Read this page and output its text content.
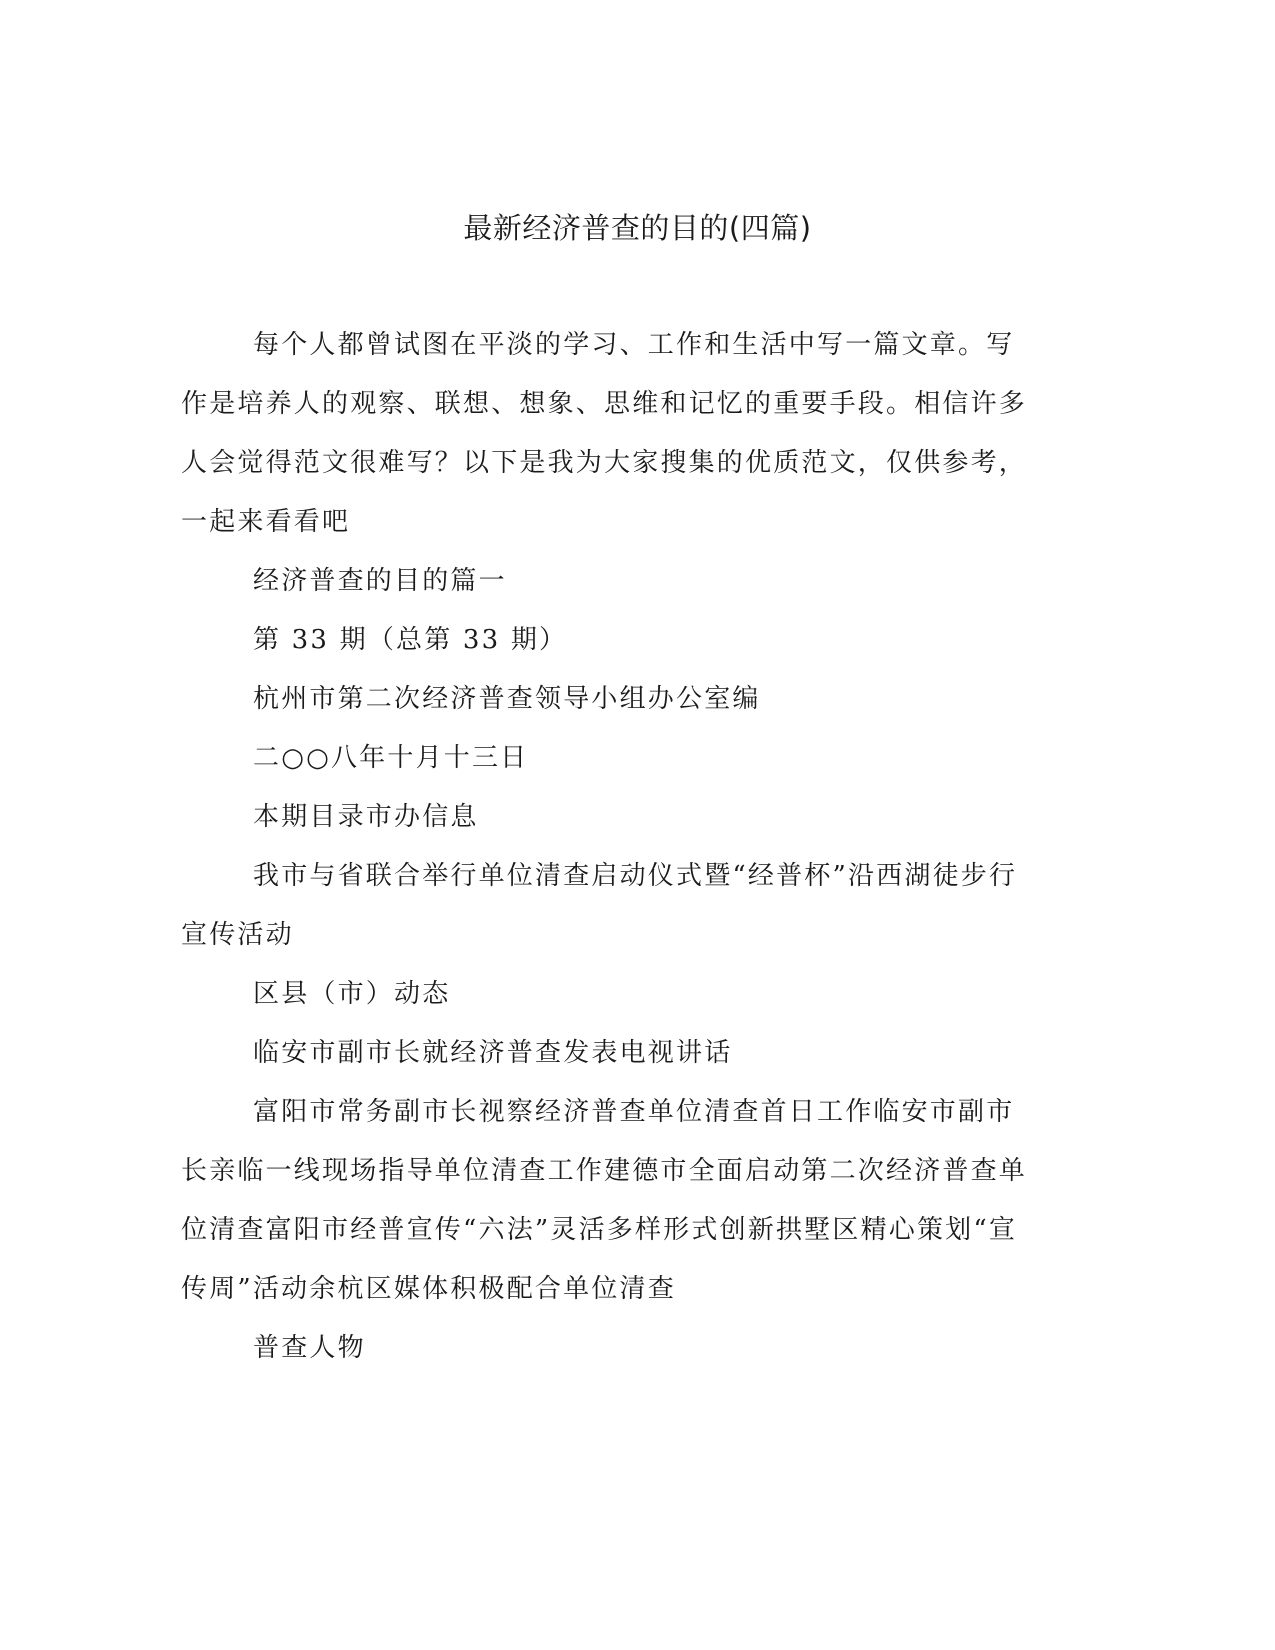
最新经济普查的目的(四篇)

每个人都曾试图在平淡的学习、工作和生活中写一篇文章。写作是培养人的观察、联想、想象、思维和记忆的重要手段。相信许多人会觉得范文很难写？以下是我为大家搜集的优质范文，仅供参考，一起来看看吧

经济普查的目的篇一

第 33 期（总第 33 期）

杭州市第二次经济普查领导小组办公室编

二○○八年十月十三日

本期目录市办信息

我市与省联合举行单位清查启动仪式暨“经普杯”沿西湖徒步行宣传活动

区县（市）动态

临安市副市长就经济普查发表电视讲话

富阳市常务副市长视察经济普查单位清查首日工作临安市副市长亲临一线现场指导单位清查工作建德市全面启动第二次经济普查单位清查富阳市经普宣传“六法”灵活多样形式创新拱墅区精心策划“宣传周”活动余杭区媒体积极配合单位清查

普查人物
